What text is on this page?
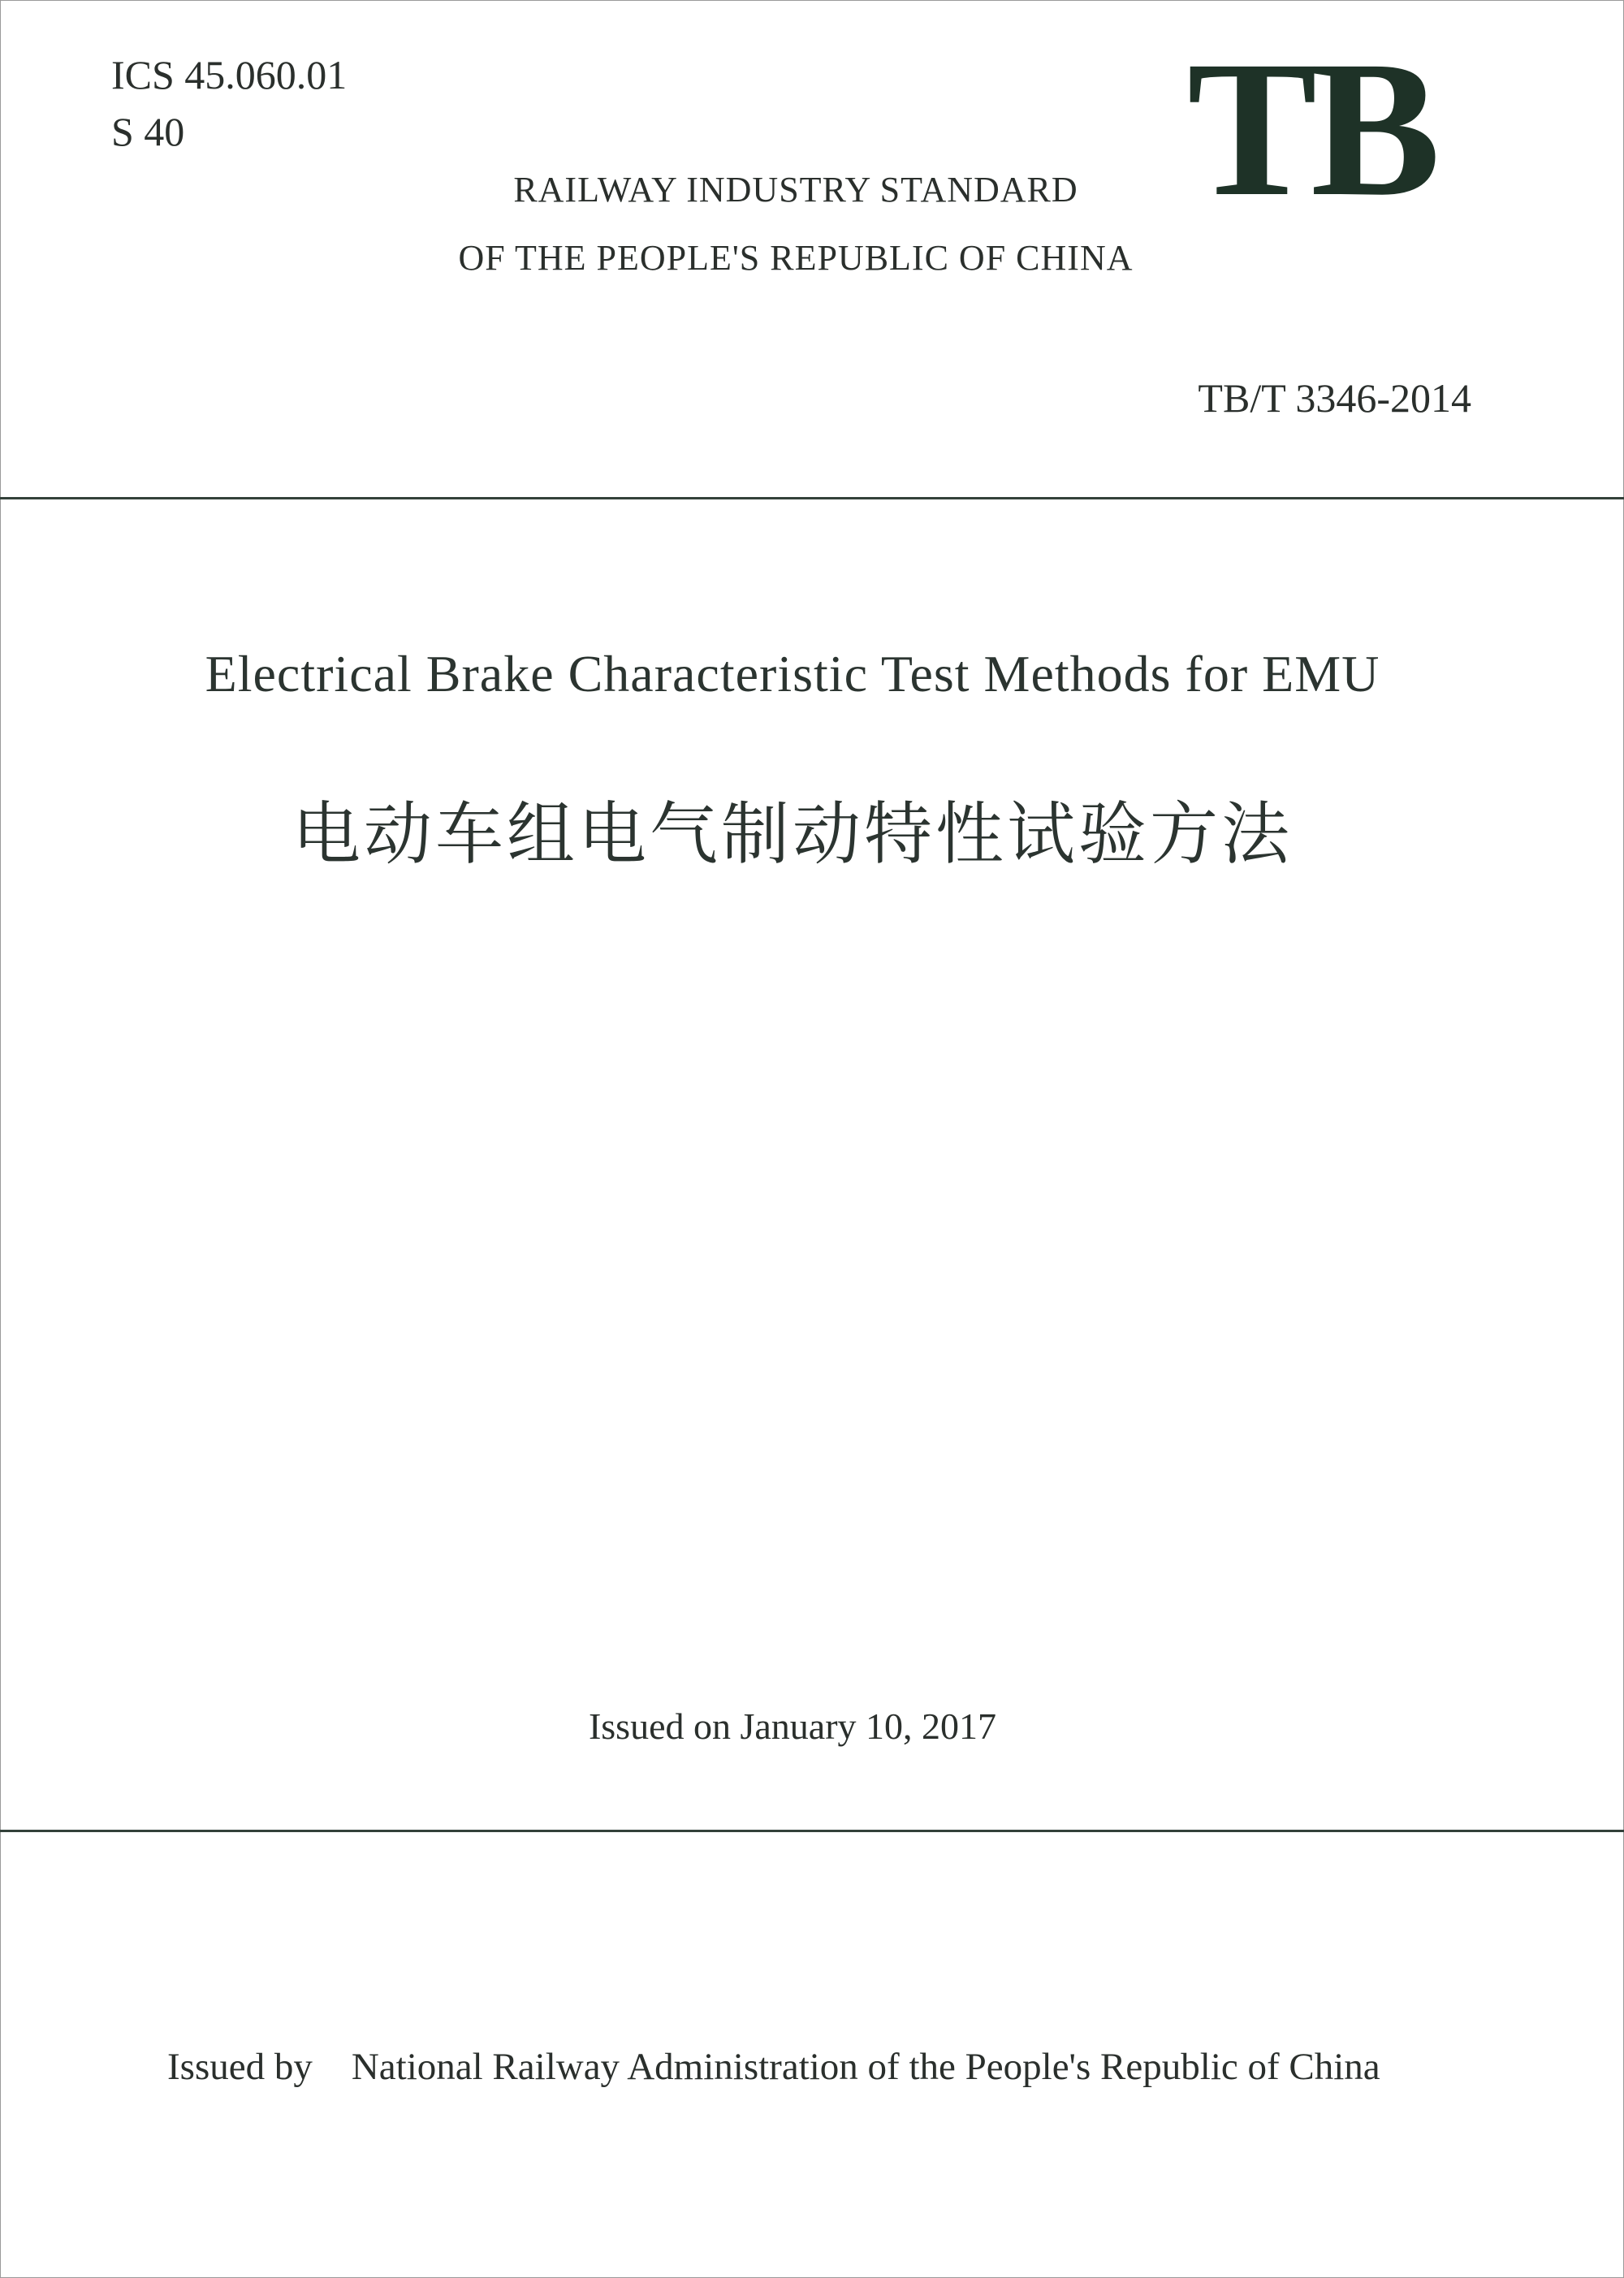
ICS 45.060.01
S 40	TB
RAILWAY INDUSTRY STANDARD
OF THE PEOPLE'S REPUBLIC OF CHINA
TB/T 3346-2014
Electrical Brake Characteristic Test Methods for EMU
电动车组电气制动特性试验方法
Issued on January 10, 2017
Issued by National Railway Administration of the People's Republic of China
